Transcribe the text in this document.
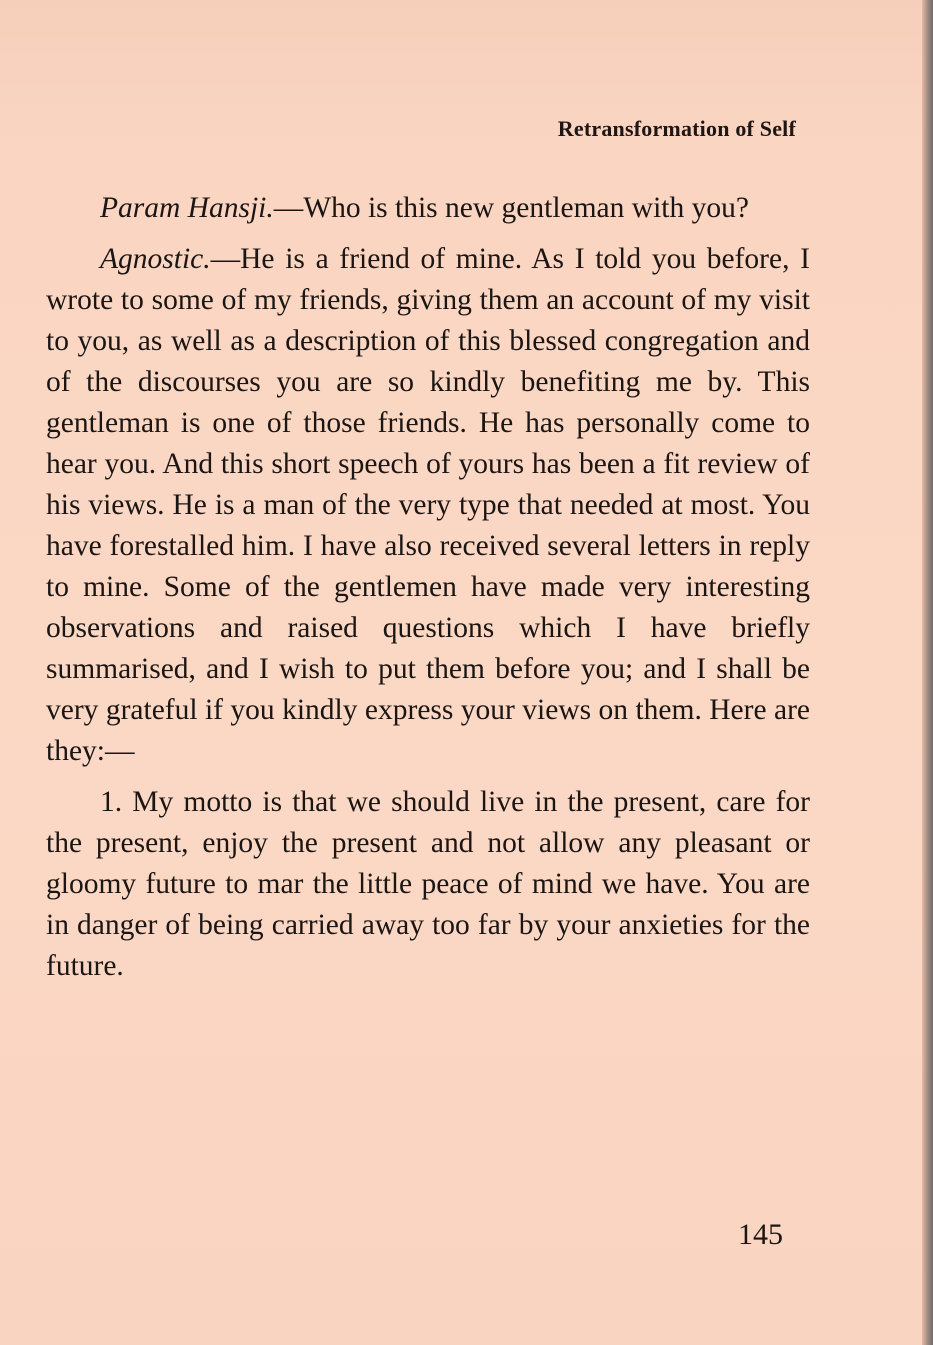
Retransformation of Self

Param Hansji.—Who is this new gentleman with you?

Agnostic.—He is a friend of mine. As I told you before, I wrote to some of my friends, giving them an account of my visit to you, as well as a description of this blessed congregation and of the discourses you are so kindly benefiting me by. This gentleman is one of those friends. He has personally come to hear you. And this short speech of yours has been a fit review of his views. He is a man of the very type that needed at most. You have forestalled him. I have also received several letters in reply to mine. Some of the gentlemen have made very interesting observations and raised questions which I have briefly summarised, and I wish to put them before you; and I shall be very grateful if you kindly express your views on them. Here are they:—

1. My motto is that we should live in the present, care for the present, enjoy the present and not allow any pleasant or gloomy future to mar the little peace of mind we have. You are in danger of being carried away too far by your anxieties for the future.

145
